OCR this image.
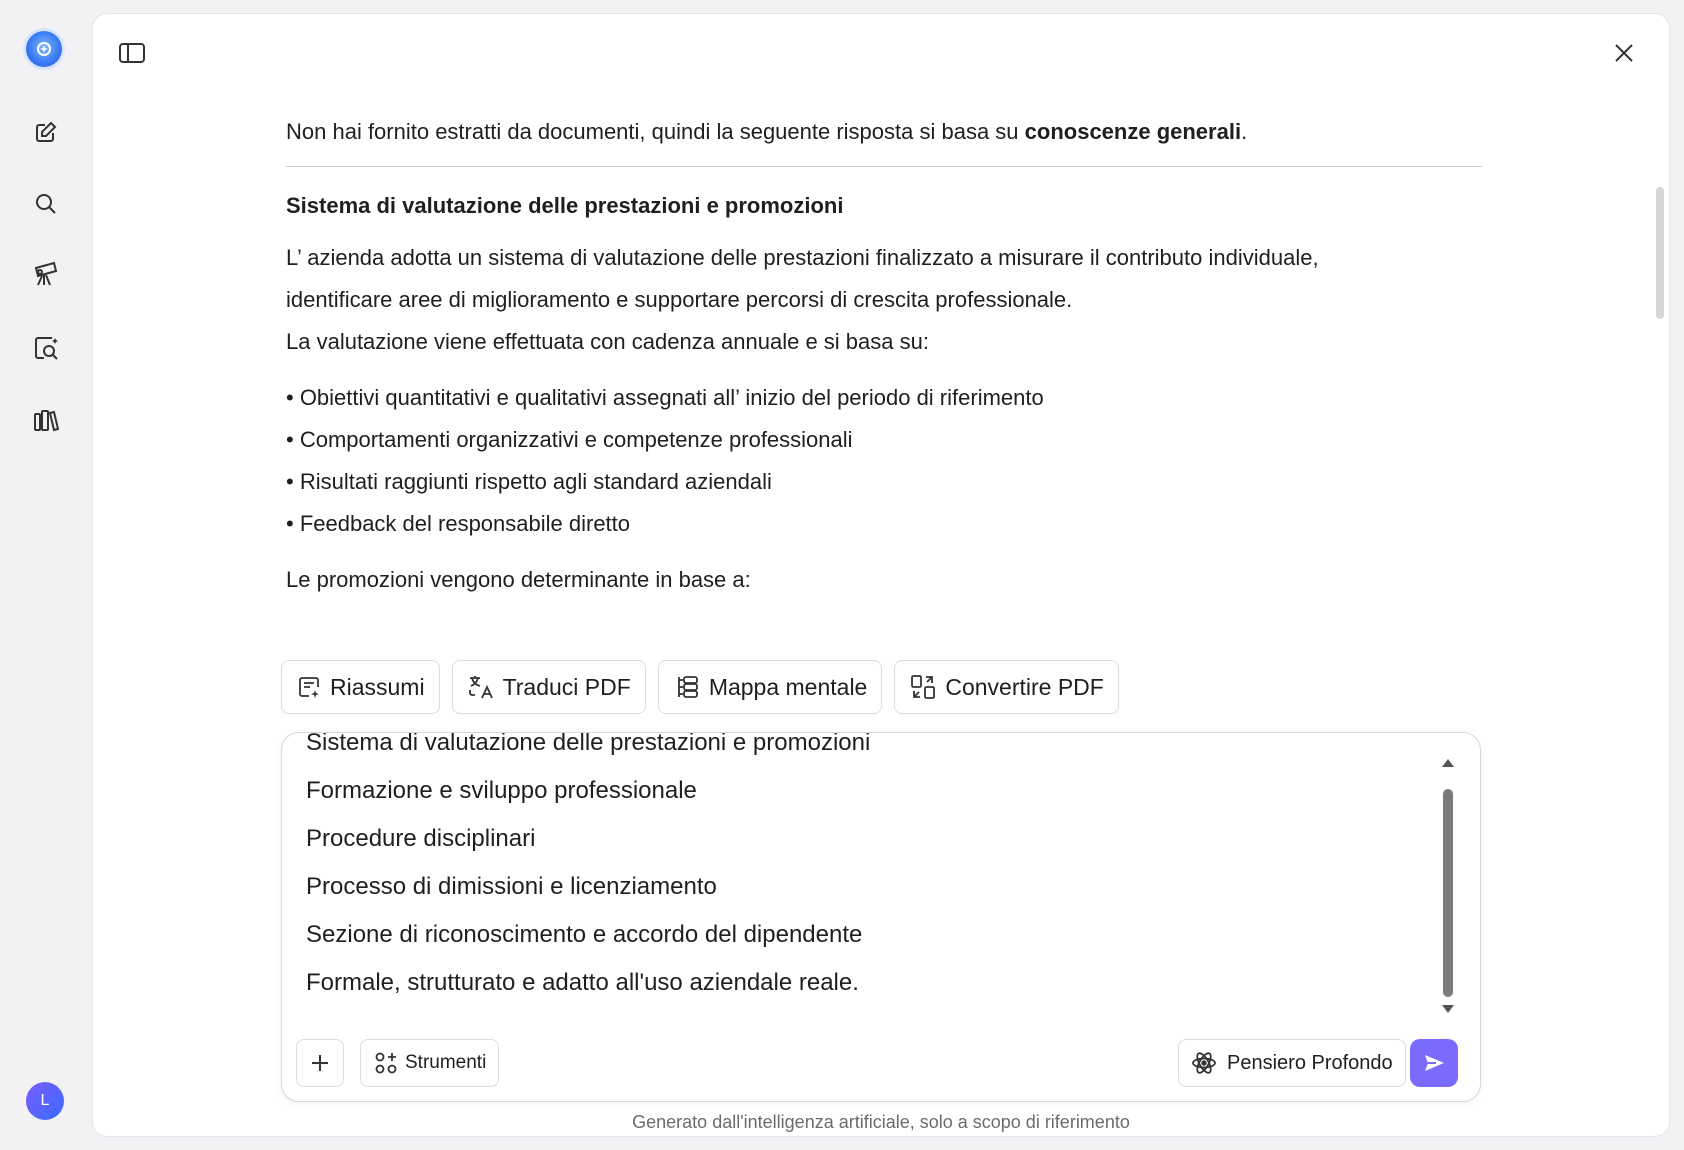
L
Non hai fornito estratti da documenti, quindi la seguente risposta si basa su conoscenze generali.
Sistema di valutazione delle prestazioni e promozioni
L’ azienda adotta un sistema di valutazione delle prestazioni finalizzato a misurare il contributo individuale,
identificare aree di miglioramento e supportare percorsi di crescita professionale.
La valutazione viene effettuata con cadenza annuale e si basa su:
• Obiettivi quantitativi e qualitativi assegnati all’ inizio del periodo di riferimento
• Comportamenti organizzativi e competenze professionali
• Risultati raggiunti rispetto agli standard aziendali
• Feedback del responsabile diretto
Le promozioni vengono determinante in base a:
Riassumi	Traduci PDF	Mappa mentale	Convertire PDF
Sistema di valutazione delle prestazioni e promozioni
Formazione e sviluppo professionale
Procedure disciplinari
Processo di dimissioni e licenziamento
Sezione di riconoscimento e accordo del dipendente
Formale, strutturato e adatto all'uso aziendale reale.
Strumenti	Pensiero Profondo
Generato dall'intelligenza artificiale, solo a scopo di riferimento
